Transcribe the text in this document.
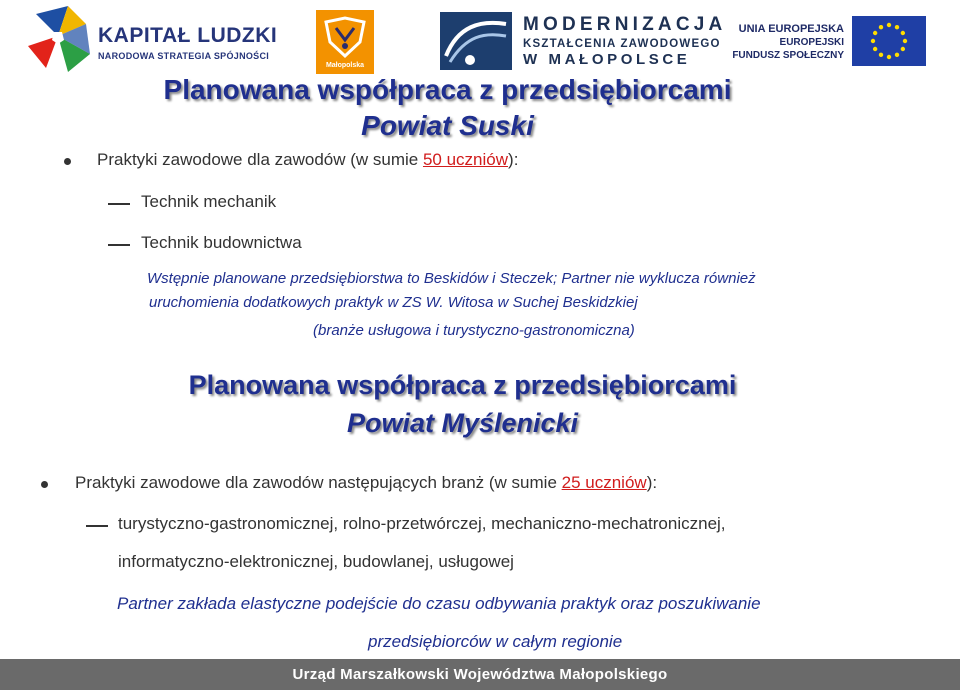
KAPITAŁ LUDZKI
NARODOWA STRATEGIA SPÓJNOŚCI
Małopolska
MODERNIZACJA
KSZTAŁCENIA ZAWODOWEGO
W MAŁOPOLSCE
UNIA EUROPEJSKA
EUROPEJSKI
FUNDUSZ SPOŁECZNY
Planowana współpraca z przedsiębiorcami
Powiat Suski
Praktyki zawodowe dla zawodów (w sumie 50 uczniów):
Technik mechanik
Technik budownictwa
Wstępnie planowane przedsiębiorstwa to Beskidów i Steczek; Partner nie wyklucza również
uruchomienia dodatkowych praktyk w ZS W. Witosa w Suchej Beskidzkiej
(branże usługowa i turystyczno-gastronomiczna)
Planowana współpraca z przedsiębiorcami
Powiat Myślenicki
Praktyki zawodowe dla zawodów następujących branż (w sumie 25 uczniów):
turystyczno-gastronomicznej, rolno-przetwórczej, mechaniczno-mechatronicznej,
informatyczno-elektronicznej, budowlanej, usługowej
Partner zakłada elastyczne podejście do czasu odbywania praktyk oraz poszukiwanie
przedsiębiorców w całym regionie
Urząd Marszałkowski Województwa Małopolskiego
